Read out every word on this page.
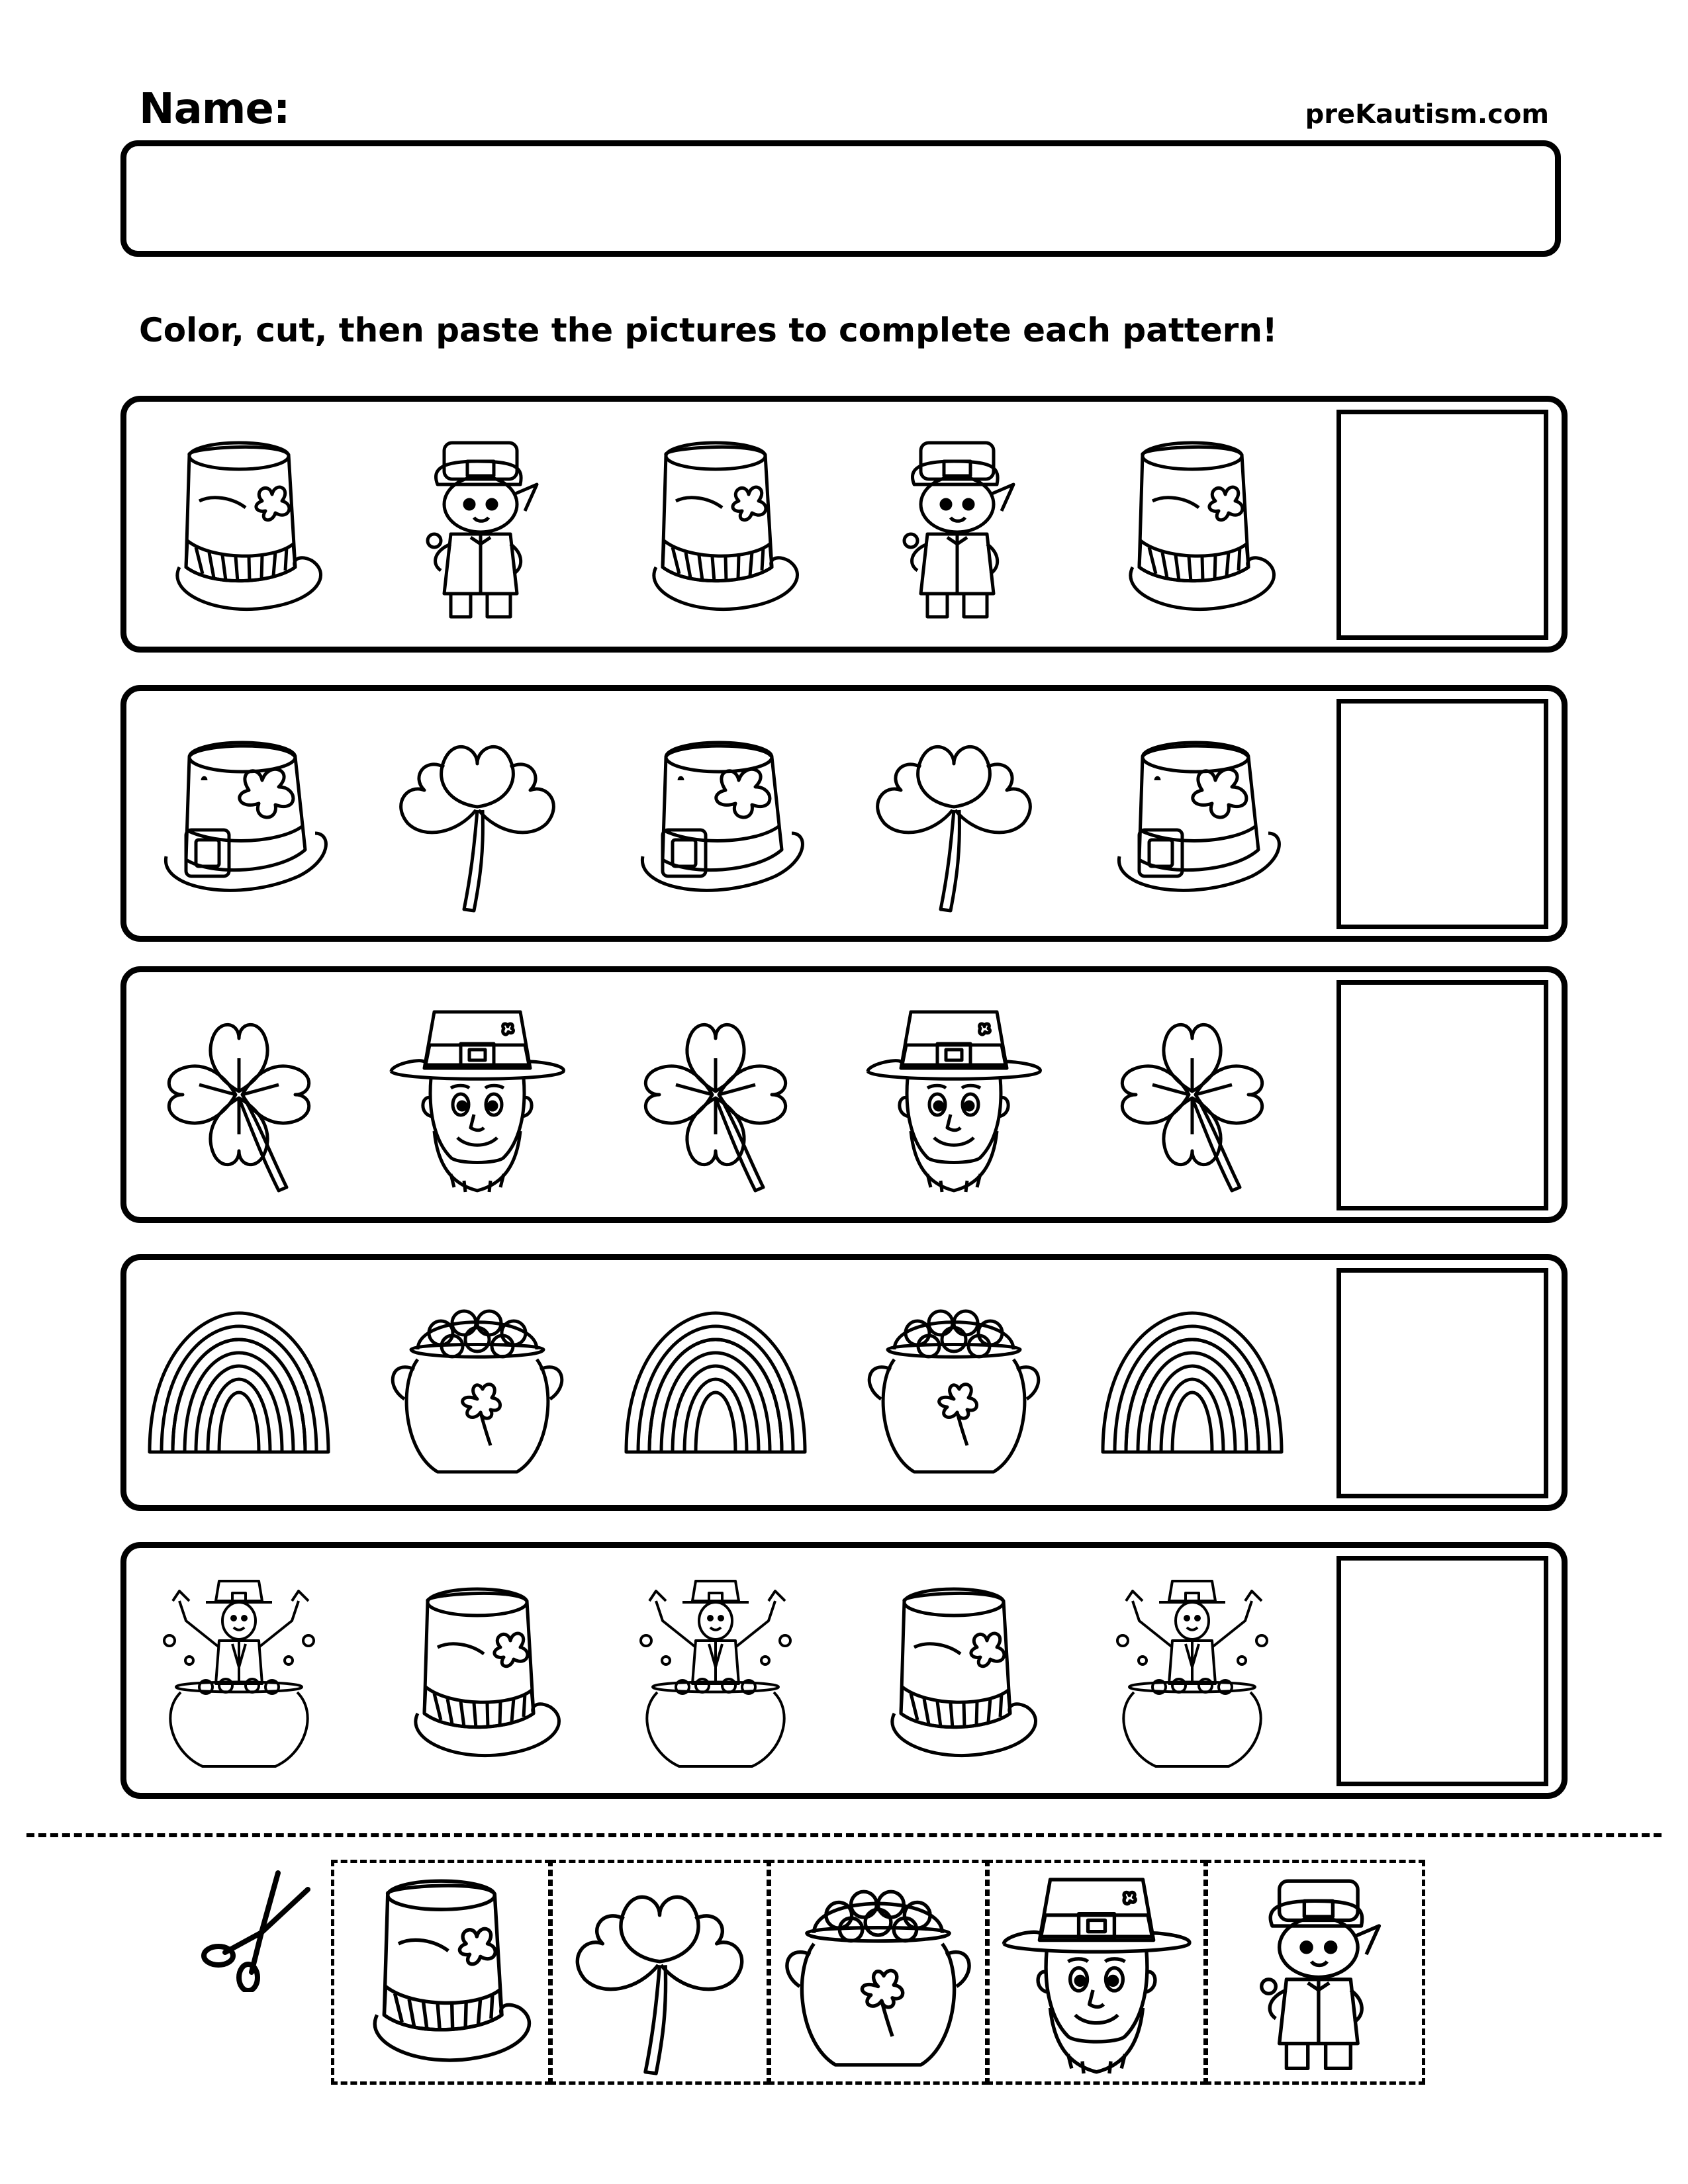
Name:	preKautism.com
Color, cut, then paste the pictures to complete each pattern!
